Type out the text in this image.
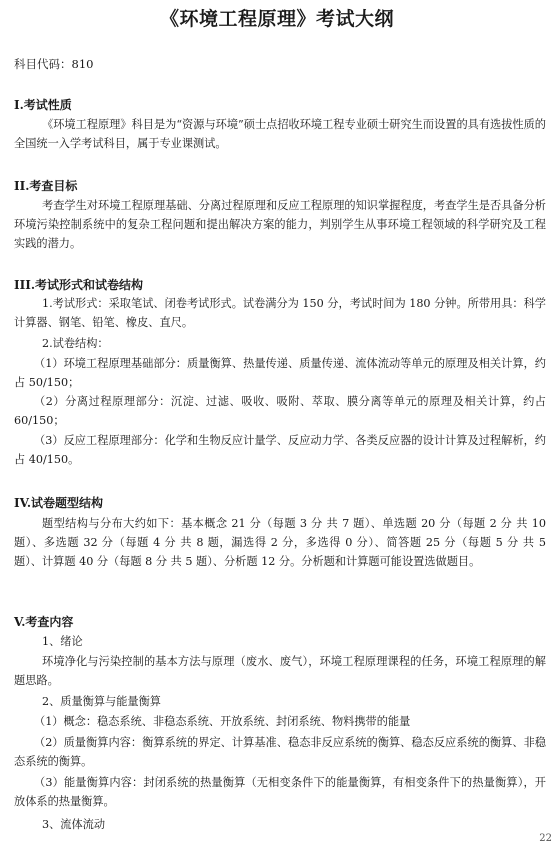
《环境工程原理》考试大纲
科目代码：810
I.考试性质

《环境工程原理》科目是为“资源与环境”硕士点招收环境工程专业硕士研究生而设置的具有选拔性质的全国统一入学考试科目，属于专业课测试。

II.考查目标

考查学生对环境工程原理基础、分离过程原理和反应工程原理的知识掌握程度，考查学生是否具备分析环境污染控制系统中的复杂工程问题和提出解决方案的能力，判别学生从事环境工程领域的科学研究及工程实践的潜力。

III.考试形式和试卷结构

1.考试形式：采取笔试、闭卷考试形式。试卷满分为 150 分，考试时间为 180 分钟。所带用具：科学计算器、钢笔、铅笔、橡皮、直尺。

2.试卷结构：

（1）环境工程原理基础部分：质量衡算、热量传递、质量传递、流体流动等单元的原理及相关计算，约占 50/150；

（2）分离过程原理部分：沉淀、过滤、吸收、吸附、萃取、膜分离等单元的原理及相关计算，约占 60/150；

（3）反应工程原理部分：化学和生物反应计量学、反应动力学、各类反应器的设计计算及过程解析，约占 40/150。

IV.试卷题型结构

题型结构与分布大约如下：基本概念 21 分（每题 3 分 共 7 题）、单选题 20 分（每题 2 分 共 10 题）、多选题 32 分（每题 4 分 共 8 题，漏选得 2 分，多选得 0 分）、简答题 25 分（每题 5 分 共 5 题）、计算题 40 分（每题 8 分 共 5 题）、分析题 12 分。分析题和计算题可能设置选做题目。

V.考查内容
1、绪论

环境净化与污染控制的基本方法与原理（废水、废气），环境工程原理课程的任务，环境工程原理的解题思路。

2、质量衡算与能量衡算
（1）概念：稳态系统、非稳态系统、开放系统、封闭系统、物料携带的能量

（2）质量衡算内容：衡算系统的界定、计算基准、稳态非反应系统的衡算、稳态反应系统的衡算、非稳态系统的衡算。

（3）能量衡算内容：封闭系统的热量衡算（无相变条件下的能量衡算，有相变条件下的热量衡算），开放体系的热量衡算。

3、流体流动
22
